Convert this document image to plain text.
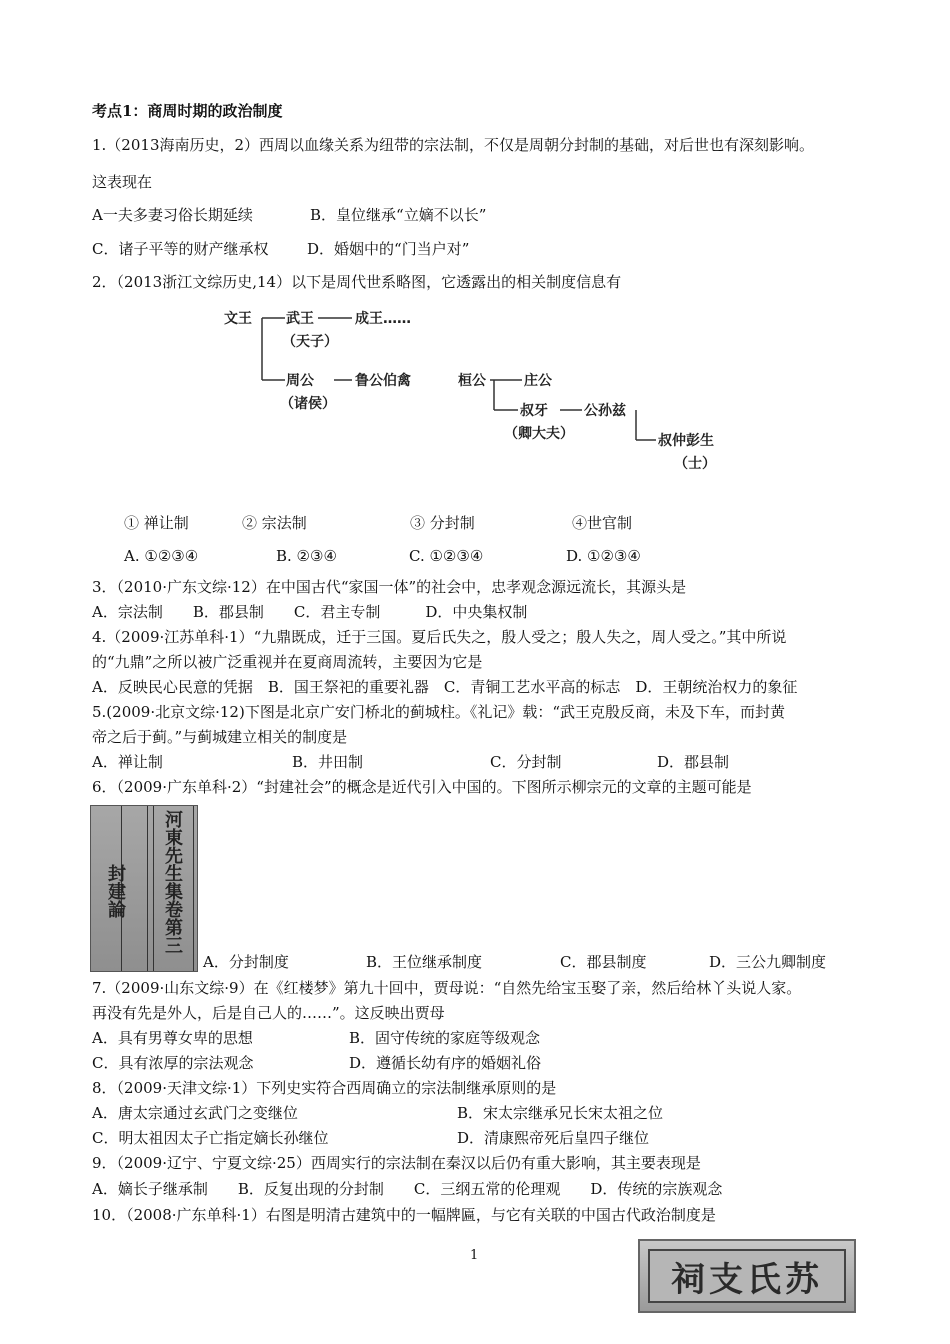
考点1：商周时期的政治制度
1.（2013海南历史，2）西周以血缘关系为纽带的宗法制，不仅是周朝分封制的基础，对后世也有深刻影响。
这表现在
A一夫多妻习俗长期延续	B．皇位继承“立嫡不以长”
C．诸子平等的财产继承权	D．婚姻中的“门当户对”
2．（2013浙江文综历史,14）以下是周代世系略图，它透露出的相关制度信息有
文王 武王	成王……
（天子）
周公
（诸侯）
鲁公伯禽	桓公	庄公
叔牙
（卿大夫）
公孙兹
叔仲彭生
（士）
① 禅让制	② 宗法制	③ 分封制	④世官制
A. ①②③④	B. ②③④	C. ①②③④	D. ①②③④
3．（2010·广东文综·12）在中国古代“家国一体”的社会中，忠孝观念源远流长，其源头是
A．宗法制　　B．郡县制　　C．君主专制　　　D．中央集权制
4.（2009·江苏单科·1）“九鼎既成，迁于三国。夏后氏失之，殷人受之；殷人失之，周人受之。”其中所说
的“九鼎”之所以被广泛重视并在夏商周流转，主要因为它是
A．反映民心民意的凭据　B．国王祭祀的重要礼器　C．青铜工艺水平高的标志　D．王朝统治权力的象征
5.(2009·北京文综·12)下图是北京广安门桥北的蓟城柱。《礼记》载：“武王克殷反商，未及下车，而封黄
帝之后于蓟。”与蓟城建立相关的制度是
A．禅让制	B．井田制	C．分封制	D．郡县制
6．（2009·广东单科·2）“封建社会”的概念是近代引入中国的。下图所示柳宗元的文章的主题可能是
河東先生集卷第三
封建論
A．分封制度	B．王位继承制度	C．郡县制度	D．三公九卿制度
7.（2009·山东文综·9）在《红楼梦》第九十回中，贾母说：“自然先给宝玉娶了亲，然后给林丫头说人家。
再没有先是外人，后是自己人的……”。这反映出贾母
A．具有男尊女卑的思想	B．固守传统的家庭等级观念
C．具有浓厚的宗法观念	D．遵循长幼有序的婚姻礼俗
8．（2009·天津文综·1）下列史实符合西周确立的宗法制继承原则的是
A．唐太宗通过玄武门之变继位	B．宋太宗继承兄长宋太祖之位
C．明太祖因太子亡指定嫡长孙继位	D．清康熙帝死后皇四子继位
9．（2009·辽宁、宁夏文综·25）西周实行的宗法制在秦汉以后仍有重大影响，其主要表现是
A．嫡长子继承制　　B．反复出现的分封制　　C．三纲五常的伦理观　　D．传统的宗族观念
10．（2008·广东单科·1）右图是明清古建筑中的一幅牌匾，与它有关联的中国古代政治制度是
1
祠支氏苏
